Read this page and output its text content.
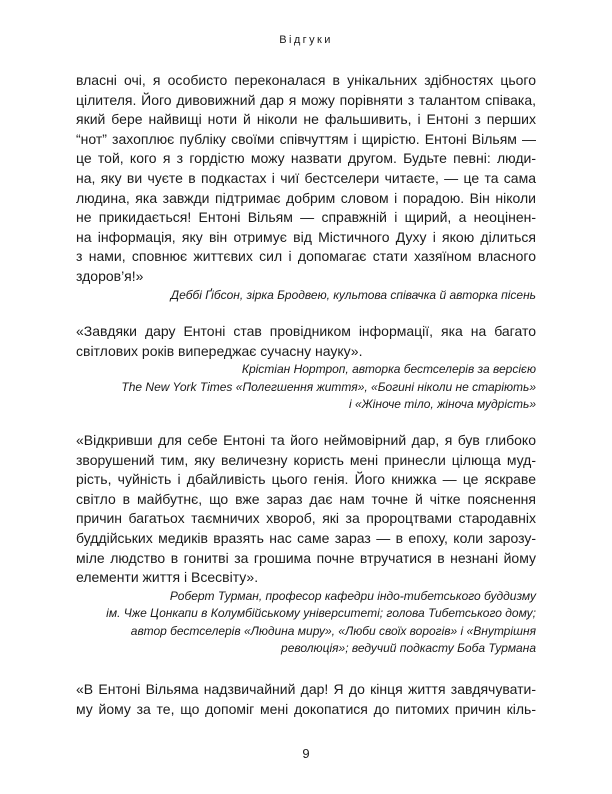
Відгуки
власні очі, я особисто переконалася в унікальних здібностях цього
цілителя. Його дивовижний дар я можу порівняти з талантом співака,
який бере найвищі ноти й ніколи не фальшивить, і Ентоні з перших
“нот” захоплює публіку своїми співчуттям і щирістю. Ентоні Вільям —
це той, кого я з гордістю можу назвати другом. Будьте певні: люди-
на, яку ви чуєте в подкастах і чиї бестселери читаєте, — це та сама
людина, яка завжди підтримає добрим словом і порадою. Він ніколи
не прикидається! Ентоні Вільям — справжній і щирий, а неоцінен-
на інформація, яку він отримує від Містичного Духу і якою ділиться
з нами, сповнює життєвих сил і допомагає стати хазяїном власного
здоров’я!»
Деббі Ґібсон, зірка Бродвею, культова співачка й авторка пісень
«Завдяки дару Ентоні став провідником інформації, яка на багато
світлових років випереджає сучасну науку».
Крістіан Нортроп, авторка бестселерів за версією
The New York Times «Полегшення життя», «Богині ніколи не старіють»
і «Жіноче тіло, жіноча мудрість»
«Відкривши для себе Ентоні та його неймовірний дар, я був глибоко
зворушений тим, яку величезну користь мені принесли цілюща муд-
рість, чуйність і дбайливість цього генія. Його книжка — це яскраве
світло в майбутнє, що вже зараз дає нам точне й чітке пояснення
причин багатьох таємничих хвороб, які за пророцтвами стародавніх
буддійських медиків вразять нас саме зараз — в епоху, коли зарозу-
міле людство в гонитві за грошима почне втручатися в незнані йому
елементи життя і Всесвіту».
Роберт Турман, професор кафедри індо-тибетського буддизму
ім. Чже Цонкапи в Колумбійському університеті; голова Тибетського дому;
автор бестселерів «Людина миру», «Люби своїх ворогів» і «Внутрішня
революція»; ведучий подкасту Боба Турмана
«В Ентоні Вільяма надзвичайний дар! Я до кінця життя завдячувати-
му йому за те, що допоміг мені докопатися до питомих причин кіль-
9
